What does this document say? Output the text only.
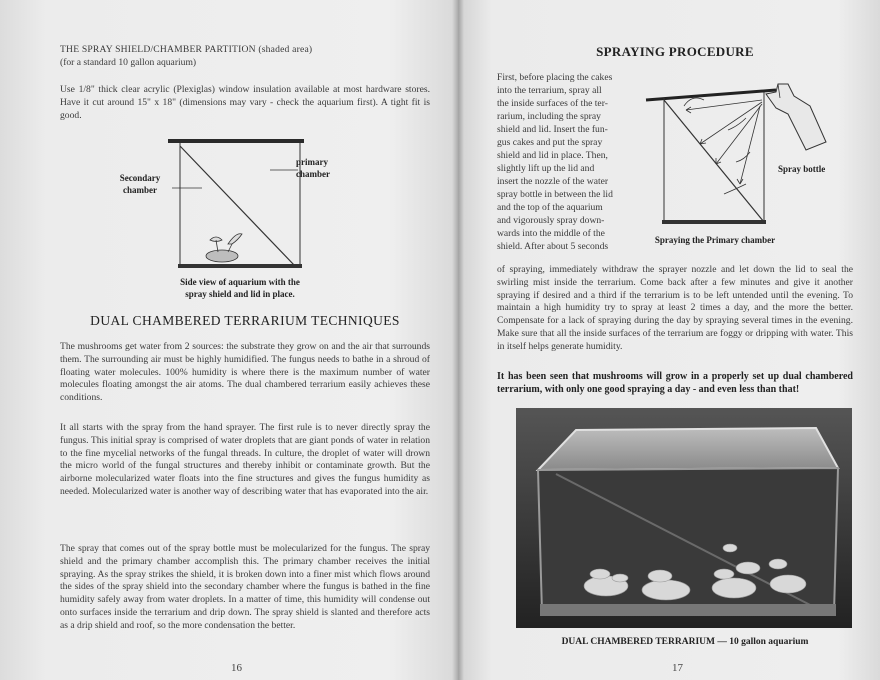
THE SPRAY SHIELD/CHAMBER PARTITION (shaded area)

(for a standard 10 gallon aquarium)

Use 1/8" thick clear acrylic (Plexiglas) window insulation available at most hardware stores. Have it cut around 15" x 18" (dimensions may vary - check the aquarium first). A tight fit is good.

Secondary
chamber

primary
chamber

Side view of aquarium with the

spray shield and lid in place.

DUAL CHAMBERED TERRARIUM TECHNIQUES

The mushrooms get water from 2 sources: the substrate they grow on and the air that surrounds them. The surrounding air must be highly humidified. The fungus needs to bathe in a shroud of floating water molecules. 100% humidity is where there is the maximum number of water molecules floating amongst the air atoms. The dual chambered terrarium easily achieves these conditions.

It all starts with the spray from the hand sprayer. The first rule is to never directly spray the fungus. This initial spray is comprised of water droplets that are giant ponds of water in relation to the fine mycelial networks of the fungal threads. In culture, the droplet of water will drown the micro world of the fungal structures and thereby inhibit or contaminate growth. But the airborne molecularized water floats into the fine structures and gives the fungus humidity as needed. Molecularized water is another way of describing water that has evaporated into the air.

The spray that comes out of the spray bottle must be molecularized for the fungus. The spray shield and the primary chamber accomplish this. The primary chamber receives the initial spraying. As the spray strikes the shield, it is broken down into a finer mist which flows around the sides of the spray shield into the secondary chamber where the fungus is bathed in the fine humidity safely away from water droplets. In a matter of time, this humidity will condense out onto surfaces inside the terrarium and drip down. The spray shield is slanted and therefore acts as a drip shield and roof, so the more condensation the better.

16
SPRAYING PROCEDURE

First, before placing the cakes

into the terrarium, spray all

the inside surfaces of the ter-

rarium, including the spray

shield and lid. Insert the fun-

gus cakes and put the spray

shield and lid in place. Then,

slightly lift up the lid and

insert the nozzle of the water

spray bottle in between the lid

and the top of the aquarium

and vigorously spray down-

wards into the middle of the

shield. After about 5 seconds

Spray bottle

Spraying the Primary chamber

of spraying, immediately withdraw the sprayer nozzle and let down the lid to seal the swirling mist inside the terrarium. Come back after a few minutes and give it another spraying if desired and a third if the terrarium is to be left untended until the evening. To maintain a high humidity try to spray at least 2 times a day, and the more the better. Compensate for a lack of spraying during the day by spraying several times in the evening. Make sure that all the inside surfaces of the terrarium are foggy or dripping with water. This in itself helps generate humidity.

It has been seen that mushrooms will grow in a properly set up dual chambered terrarium, with only one good spraying a day - and even less than that!

DUAL CHAMBERED TERRARIUM — 10 gallon aquarium

17
